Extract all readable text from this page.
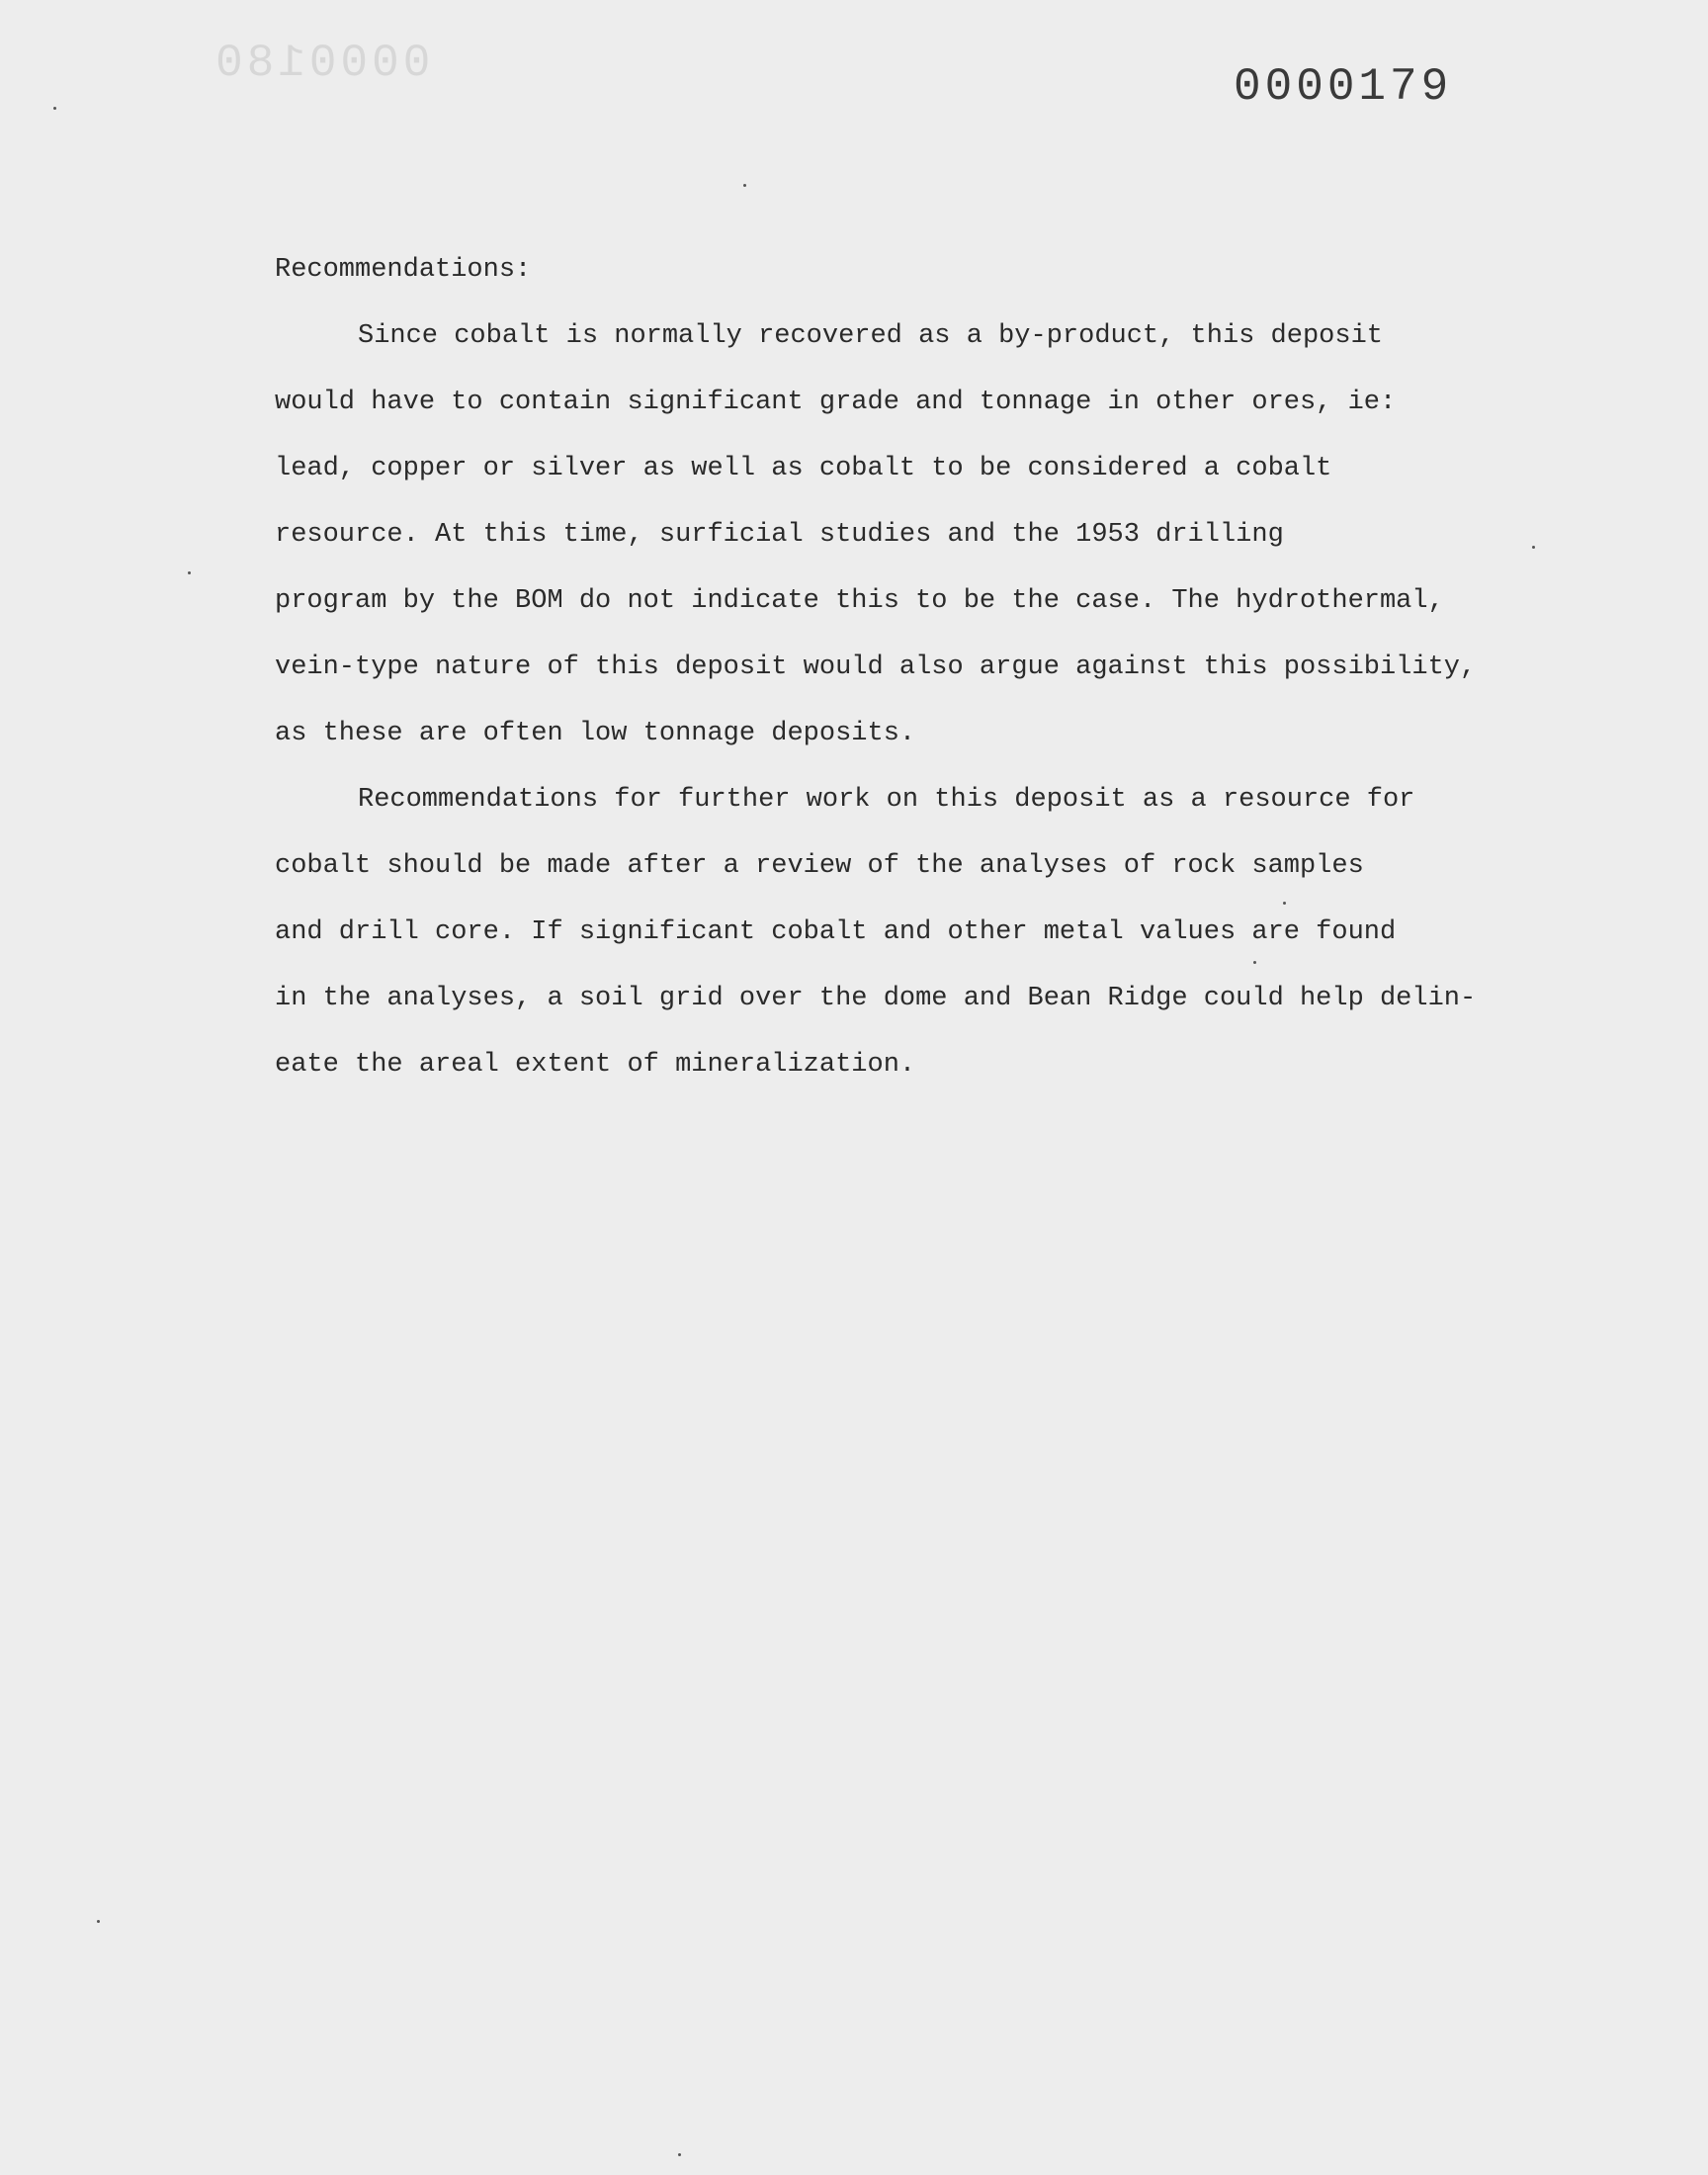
0000180	0000179

Recommendations:

Since cobalt is normally recovered as a by-product, this deposit
would have to contain significant grade and tonnage in other ores, ie:
lead, copper or silver as well as cobalt to be considered a cobalt
resource. At this time, surficial studies and the 1953 drilling
program by the BOM do not indicate this to be the case. The hydrothermal,
vein-type nature of this deposit would also argue against this possibility,
as these are often low tonnage deposits.
Recommendations for further work on this deposit as a resource for
cobalt should be made after a review of the analyses of rock samples
and drill core. If significant cobalt and other metal values are found
in the analyses, a soil grid over the dome and Bean Ridge could help delin-
eate the areal extent of mineralization.
